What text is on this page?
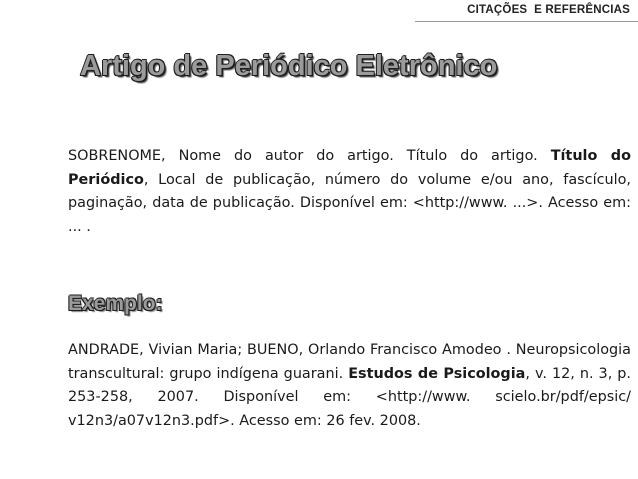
CITAÇÕES  E REFERÊNCIAS
Artigo de Periódico Eletrônico
SOBRENOME, Nome do autor do artigo. Título do artigo. Título do Periódico, Local de publicação, número do volume e/ou ano, fascículo, paginação, data de publicação. Disponível em: <http://www. ...>. Acesso em: ... .
Exemplo:
ANDRADE, Vivian Maria; BUENO, Orlando Francisco Amodeo . Neuropsicologia transcultural: grupo indígena guarani. Estudos de Psicologia, v. 12, n. 3, p. 253-258, 2007. Disponível em: <http://www. scielo.br/pdf/epsic/ v12n3/a07v12n3.pdf>. Acesso em: 26 fev. 2008.
